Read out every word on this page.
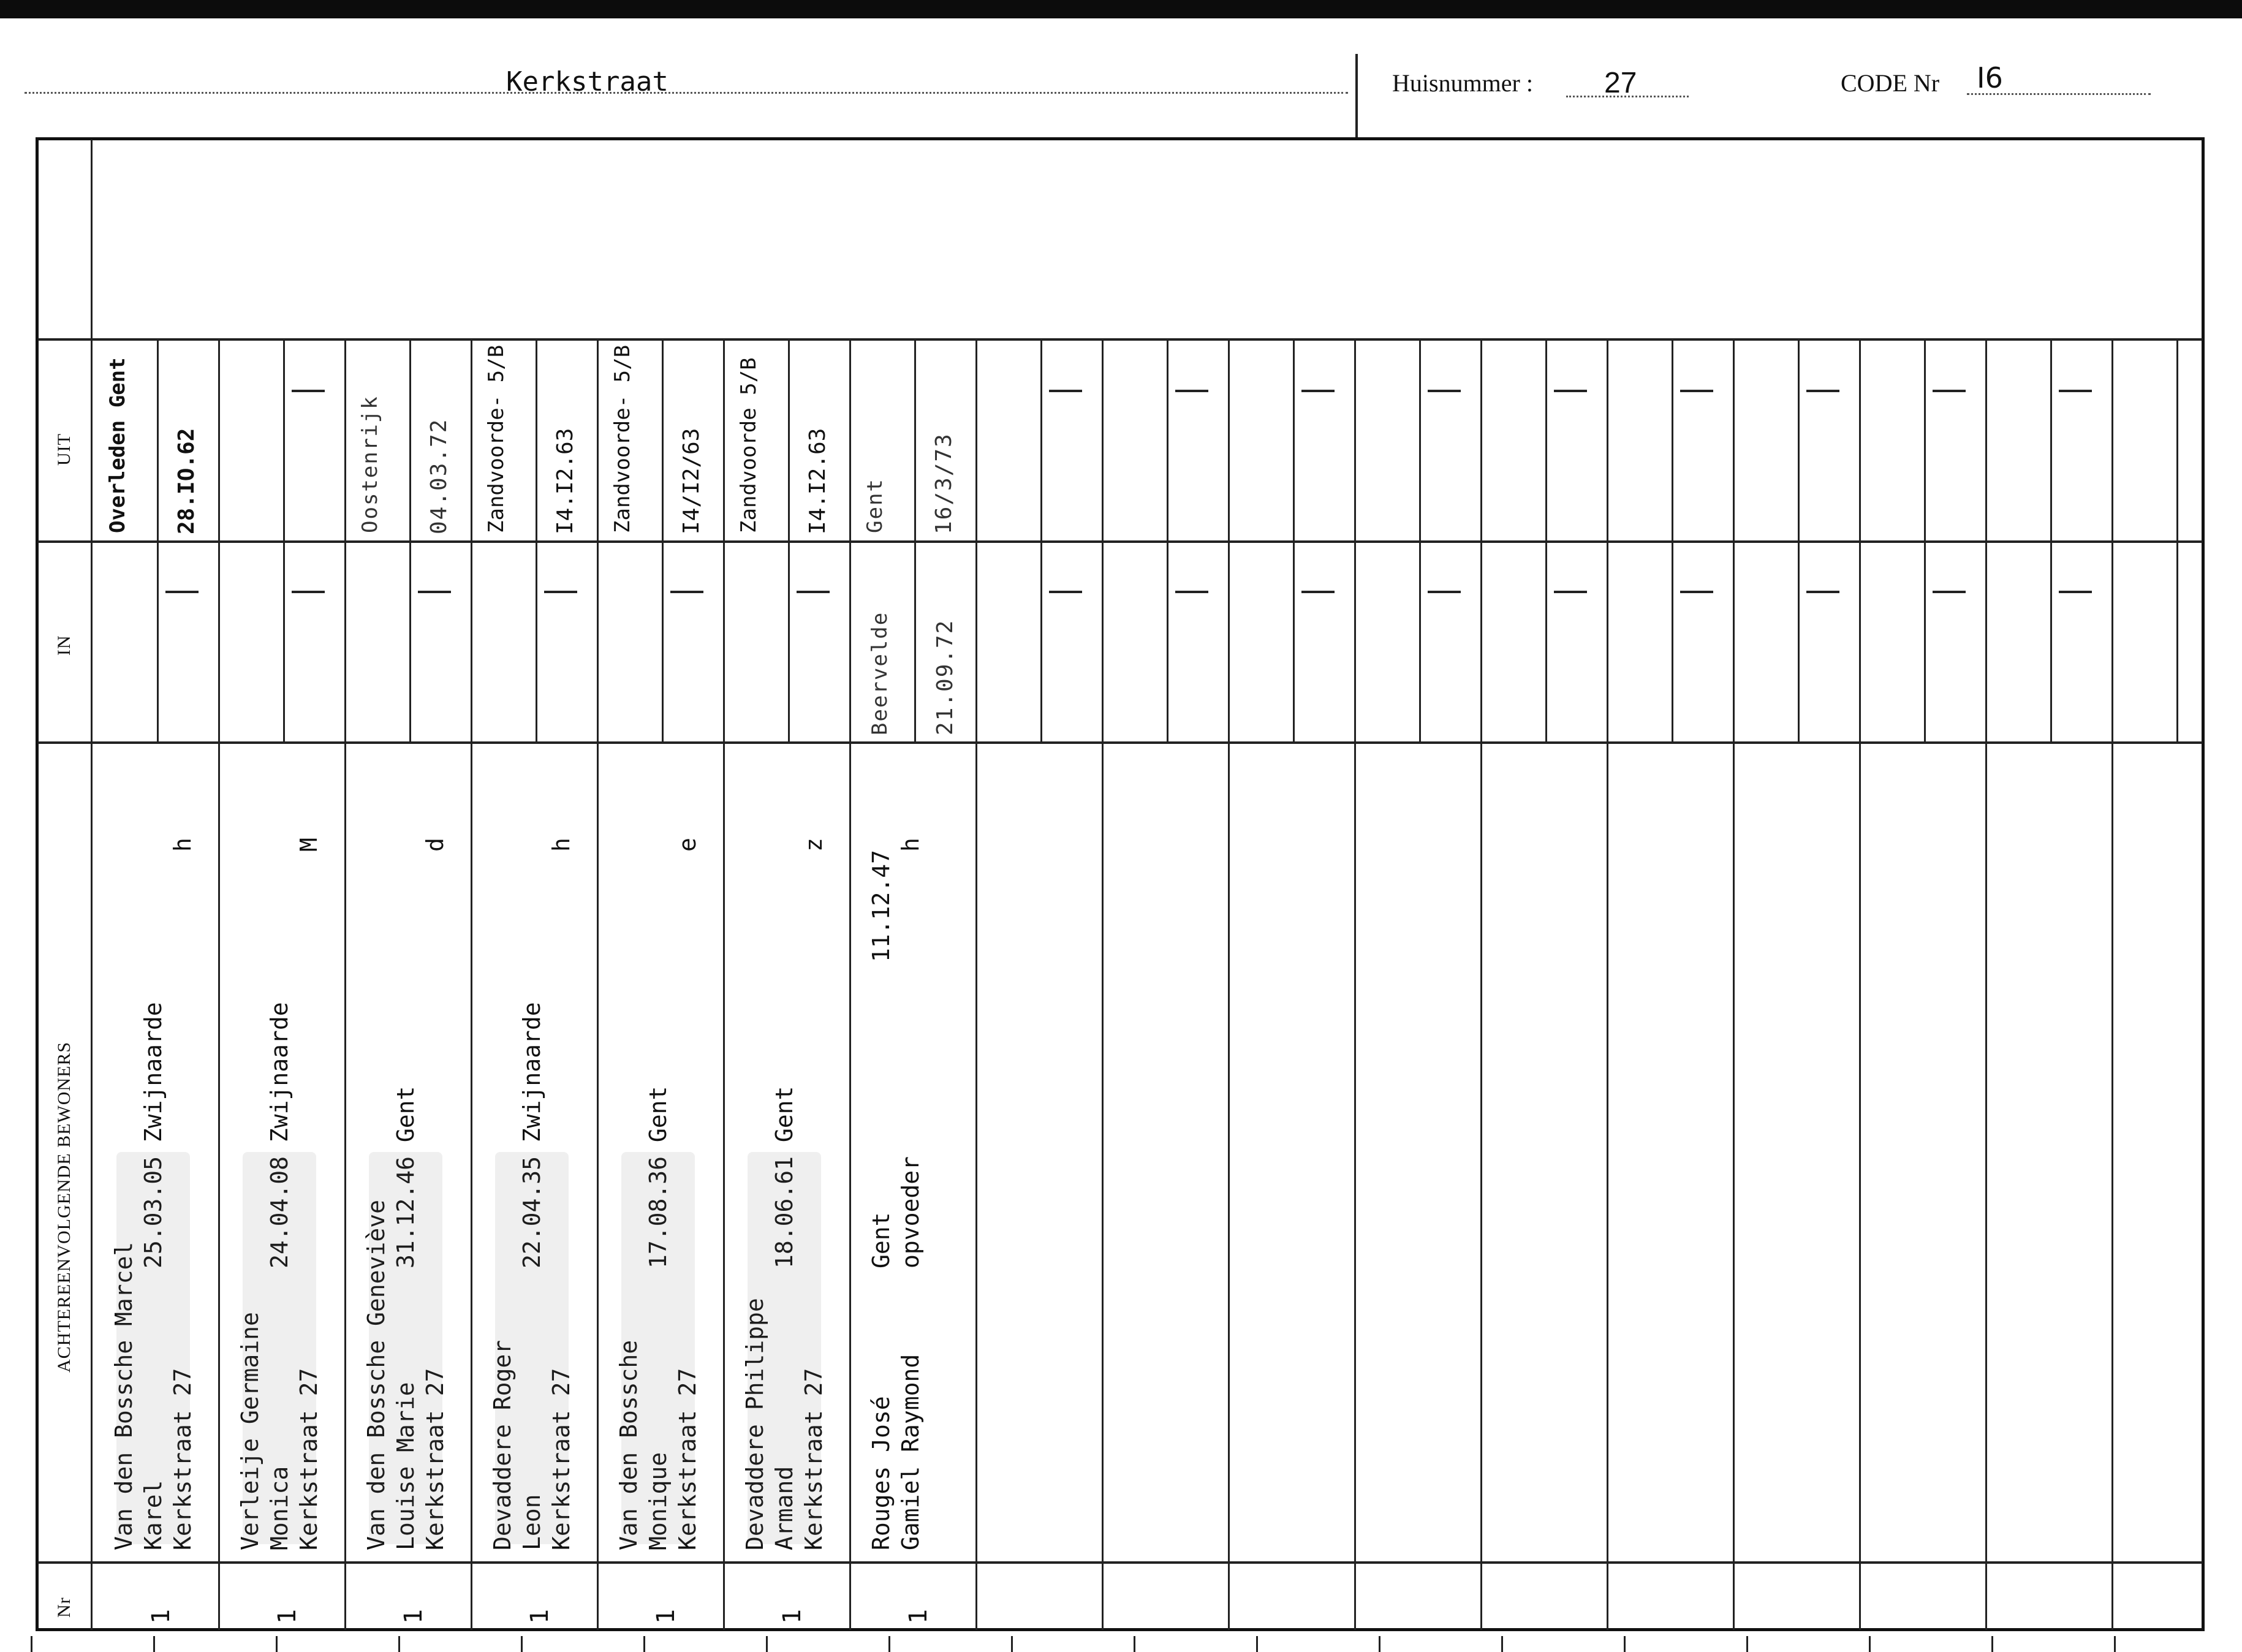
Kerkstraat	Huisnummer : 27	CODE Nr I6
UIT
IN
ACHTEREENVOLGENDE BEWONERS
Nr
Overleden Gent 28.IO.62
Van den Bossche Marcel Karel
25.03.05 Zwijnaarde
Kerkstraat 27
h
1
Verleije Germaine Monica
24.04.08 Zwijnaarde
Kerkstraat 27
M
1
Oostenrijk 04.03.72
Van den Bossche Geneviève Louise Marie
31.12.46 Gent
Kerkstraat 27
d
1
Zandvoorde- 5/B I4.I2.63
Devaddere Roger Leon
22.04.35 Zwijnaarde
Kerkstraat 27
h
1
Zandvoorde- 5/B I4/I2/63
Van den Bossche Monique
17.08.36 Gent
Kerkstraat 27
e
1
Zandvoorde 5/B I4.I2.63
Devaddere Philippe Armand
18.06.61 Gent
Kerkstraat 27
z
1
Gent 16/3/73
Beervelde 21.09.72
Rouges José
Gent
11.12.47
Gamiel Raymond
opvoeder
h
1
